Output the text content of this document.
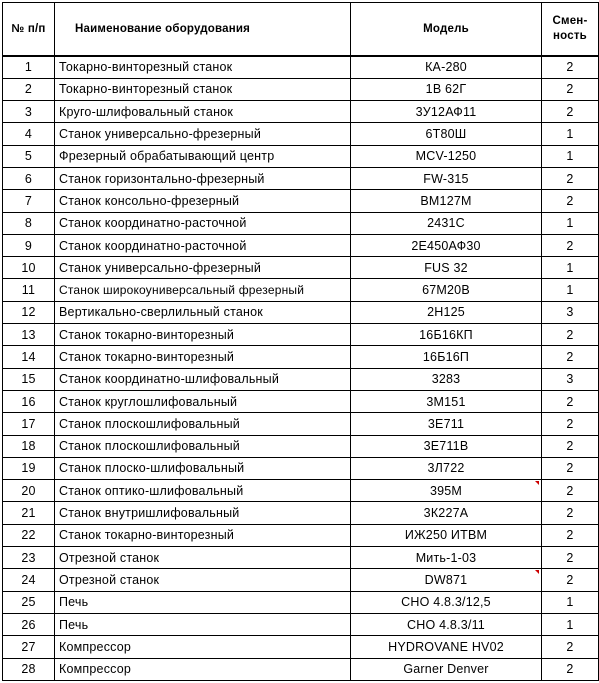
№ п/п	Наименование оборудования	Модель	Смен-ность
1	Токарно-винторезный станок	КА-280	2
2	Токарно-винторезный станок	1В 62Г	2
3	Круго-шлифовальный станок	3У12АФ11	2
4	Станок универсально-фрезерный	6Т80Ш	1
5	Фрезерный обрабатывающий центр	MCV-1250	1
6	Станок горизонтально-фрезерный	FW-315	2
7	Станок консольно-фрезерный	ВМ127М	2
8	Станок координатно-расточной	2431С	1
9	Станок координатно-расточной	2Е450АФ30	2
10	Станок универсально-фрезерный	FUS 32	1
11	Станок широкоуниверсальный фрезерный	67М20В	1
12	Вертикально-сверлильный станок	2Н125	3
13	Станок токарно-винторезный	16Б16КП	2
14	Станок токарно-винторезный	16Б16П	2
15	Станок координатно-шлифовальный	3283	3
16	Станок круглошлифовальный	3М151	2
17	Станок плоскошлифовальный	3Е711	2
18	Станок плоскошлифовальный	3Е711В	2
19	Станок плоско-шлифовальный	3Л722	2
20	Станок оптико-шлифовальный	395М	2
21	Станок внутришлифовальный	3К227А	2
22	Станок токарно-винторезный	ИЖ250 ИТВМ	2
23	Отрезной станок	Мить-1-03	2
24	Отрезной станок	DW871	2
25	Печь	СНО 4.8.3/12,5	1
26	Печь	СНО 4.8.3/11	1
27	Компрессор	HYDROVANE HV02	2
28	Компрессор	Garner Denver	2
